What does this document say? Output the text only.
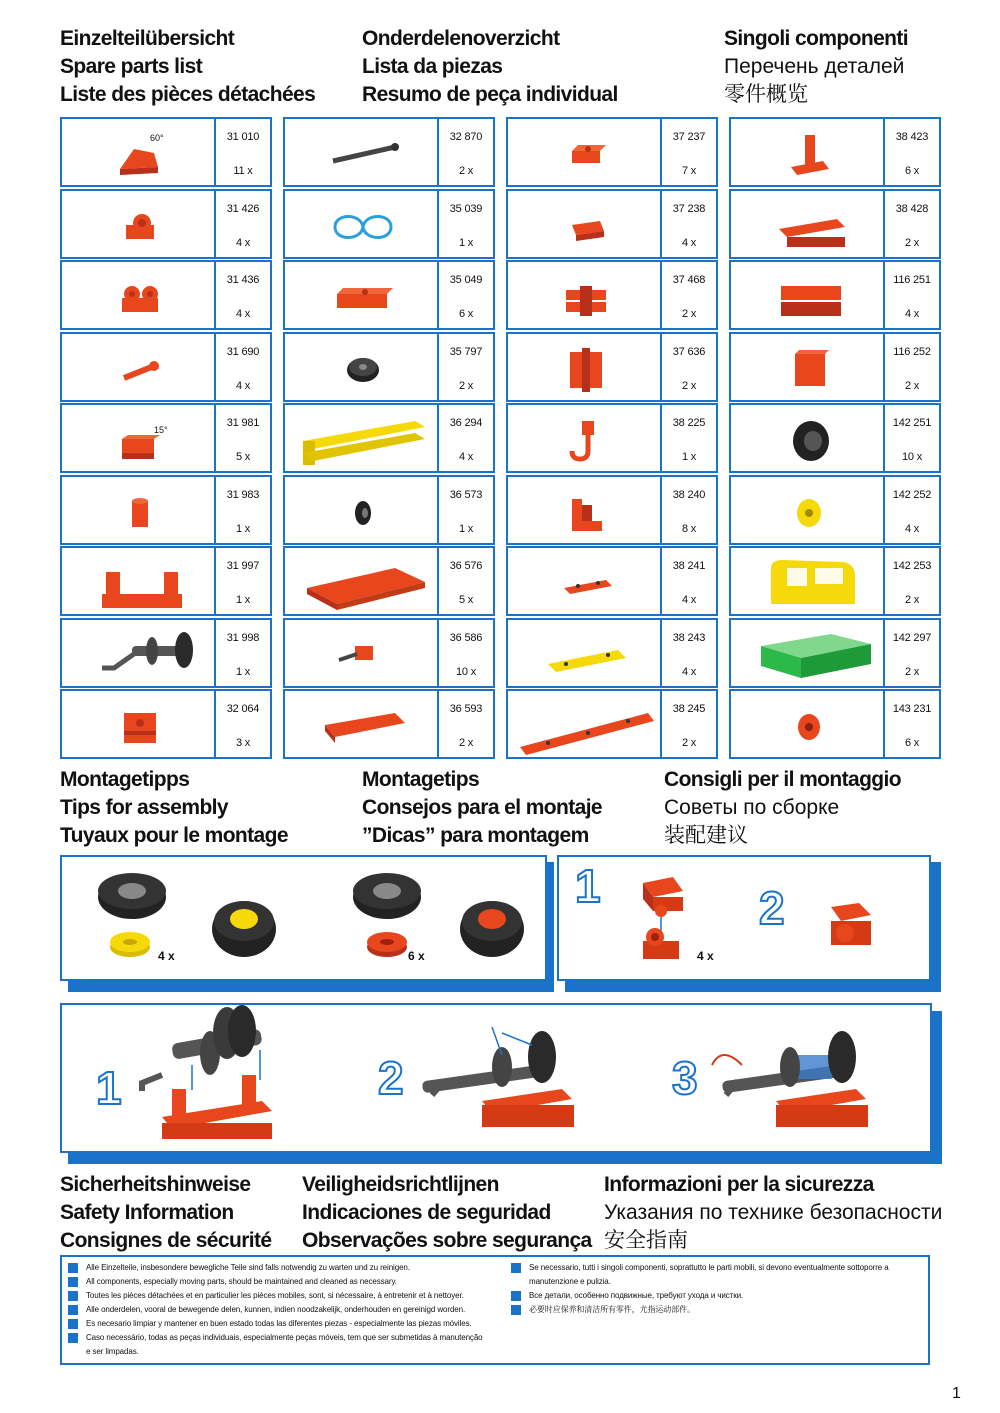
Einzelteilübersicht
Spare parts list
Liste des pièces détachées
Onderdelenoverzicht
Lista da piezas
Resumo de peça individual
Singoli componenti
Перечень деталей
零件概览
60°	31 010
11 x
31 426
4 x
31 436
4 x
31 690
4 x
15°
31 981
5 x
31 983
1 x
31 997
1 x
31 998
1 x
32 064
3 x
32 870
2 x
35 039
1 x
35 049
6 x
35 797
2 x
36 294
4 x
36 573
1 x
36 576
5 x
36 586
10 x
36 593
2 x
37 237
7 x
37 238
4 x
37 468
2 x
37 636
2 x
38 225
1 x
38 240
8 x
38 241
4 x
38 243
4 x
38 245
2 x
38 423
6 x
38 428
2 x
116 251
4 x
116 252
2 x
142 251
10 x
142 252
4 x
142 253
2 x
142 297
2 x
143 231
6 x
Montagetipps
Tips for assembly
Tuyaux pour le montage
Montagetips
Consejos para el montaje
”Dicas” para montagem
Consigli per il montaggio
Советы по сборке
装配建议
4 x	6 x
1	2
4 x
1	2	3
Sicherheitshinweise
Safety Information
Consignes de sécurité
Veiligheidsrichtlijnen
Indicaciones de seguridad
Observações sobre segurança
Informazioni per la sicurezza
Указания по технике безопасности
安全指南
Alle Einzelteile, insbesondere bewegliche Teile sind falls notwendig zu warten und zu reinigen.
All components, especially moving parts, should be maintained and cleaned as necessary.
Toutes les pièces détachées et en particulier les pièces mobiles, sont, si nécessaire, à entretenir et à nettoyer.
Alle onderdelen, vooral de bewegende delen, kunnen, indien noodzakelijk, onderhouden en gereinigd worden.
Es necesario limpiar y mantener en buen estado todas las diferentes piezas - especialmente las piezas móviles.
Caso necessário, todas as peças individuais, especialmente peças móveis, tem que ser submetidas à manutenção
e ser limpadas.
Se necessario, tutti i singoli componenti, soprattutto le parti mobili, si devono eventualmente sottoporre a
manutenzione e pulizia.
Все детали, особенно подвижные, требуют ухода и чистки.
必要时应保养和清洁所有零件，尤指运动部件。
1
